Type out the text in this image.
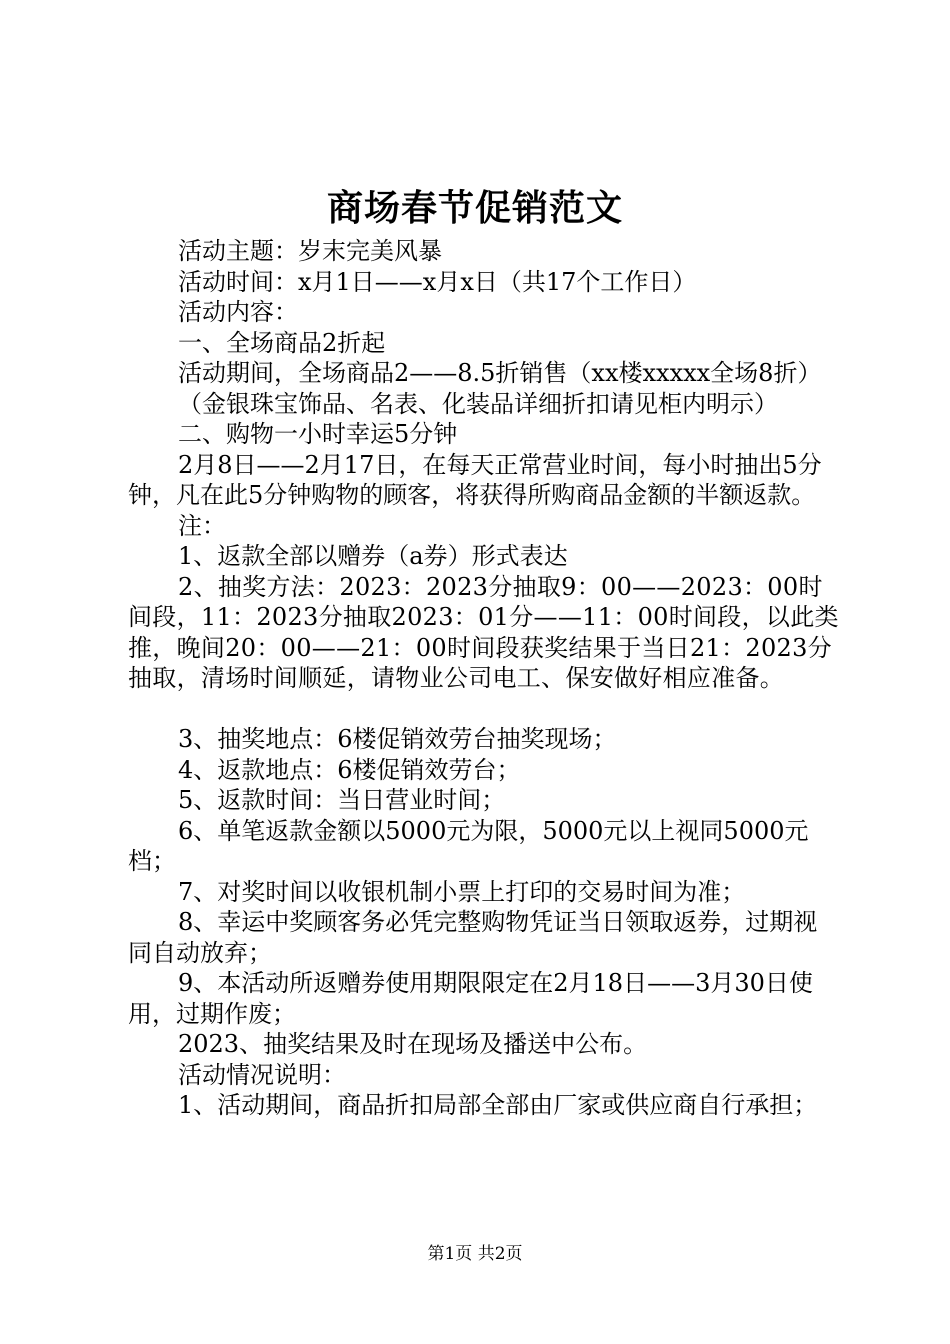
商场春节促销范文

活动主题：岁末完美风暴

活动时间：x月1日——x月x日（共17个工作日）

活动内容：

一、全场商品2折起

活动期间，全场商品2——8.5折销售（xx楼xxxxx全场8折）

（金银珠宝饰品、名表、化装品详细折扣请见柜内明示）

二、购物一小时幸运5分钟

2月8日——2月17日，在每天正常营业时间，每小时抽出5分钟，凡在此5分钟购物的顾客，将获得所购商品金额的半额返款。

注：

1、返款全部以赠券（a券）形式表达

2、抽奖方法：2023：2023分抽取9：00——2023：00时间段，11：2023分抽取2023：01分——11：00时间段，以此类推，晚间20：00——21：00时间段获奖结果于当日21：2023分抽取，清场时间顺延，请物业公司电工、保安做好相应准备。

3、抽奖地点：6楼促销效劳台抽奖现场；

4、返款地点：6楼促销效劳台；

5、返款时间：当日营业时间；

6、单笔返款金额以5000元为限，5000元以上视同5000元档；

7、对奖时间以收银机制小票上打印的交易时间为准；

8、幸运中奖顾客务必凭完整购物凭证当日领取返券，过期视同自动放弃；

9、本活动所返赠券使用期限限定在2月18日——3月30日使用，过期作废；

2023、抽奖结果及时在现场及播送中公布。

活动情况说明：

1、活动期间，商品折扣局部全部由厂家或供应商自行承担；

第1页 共2页
